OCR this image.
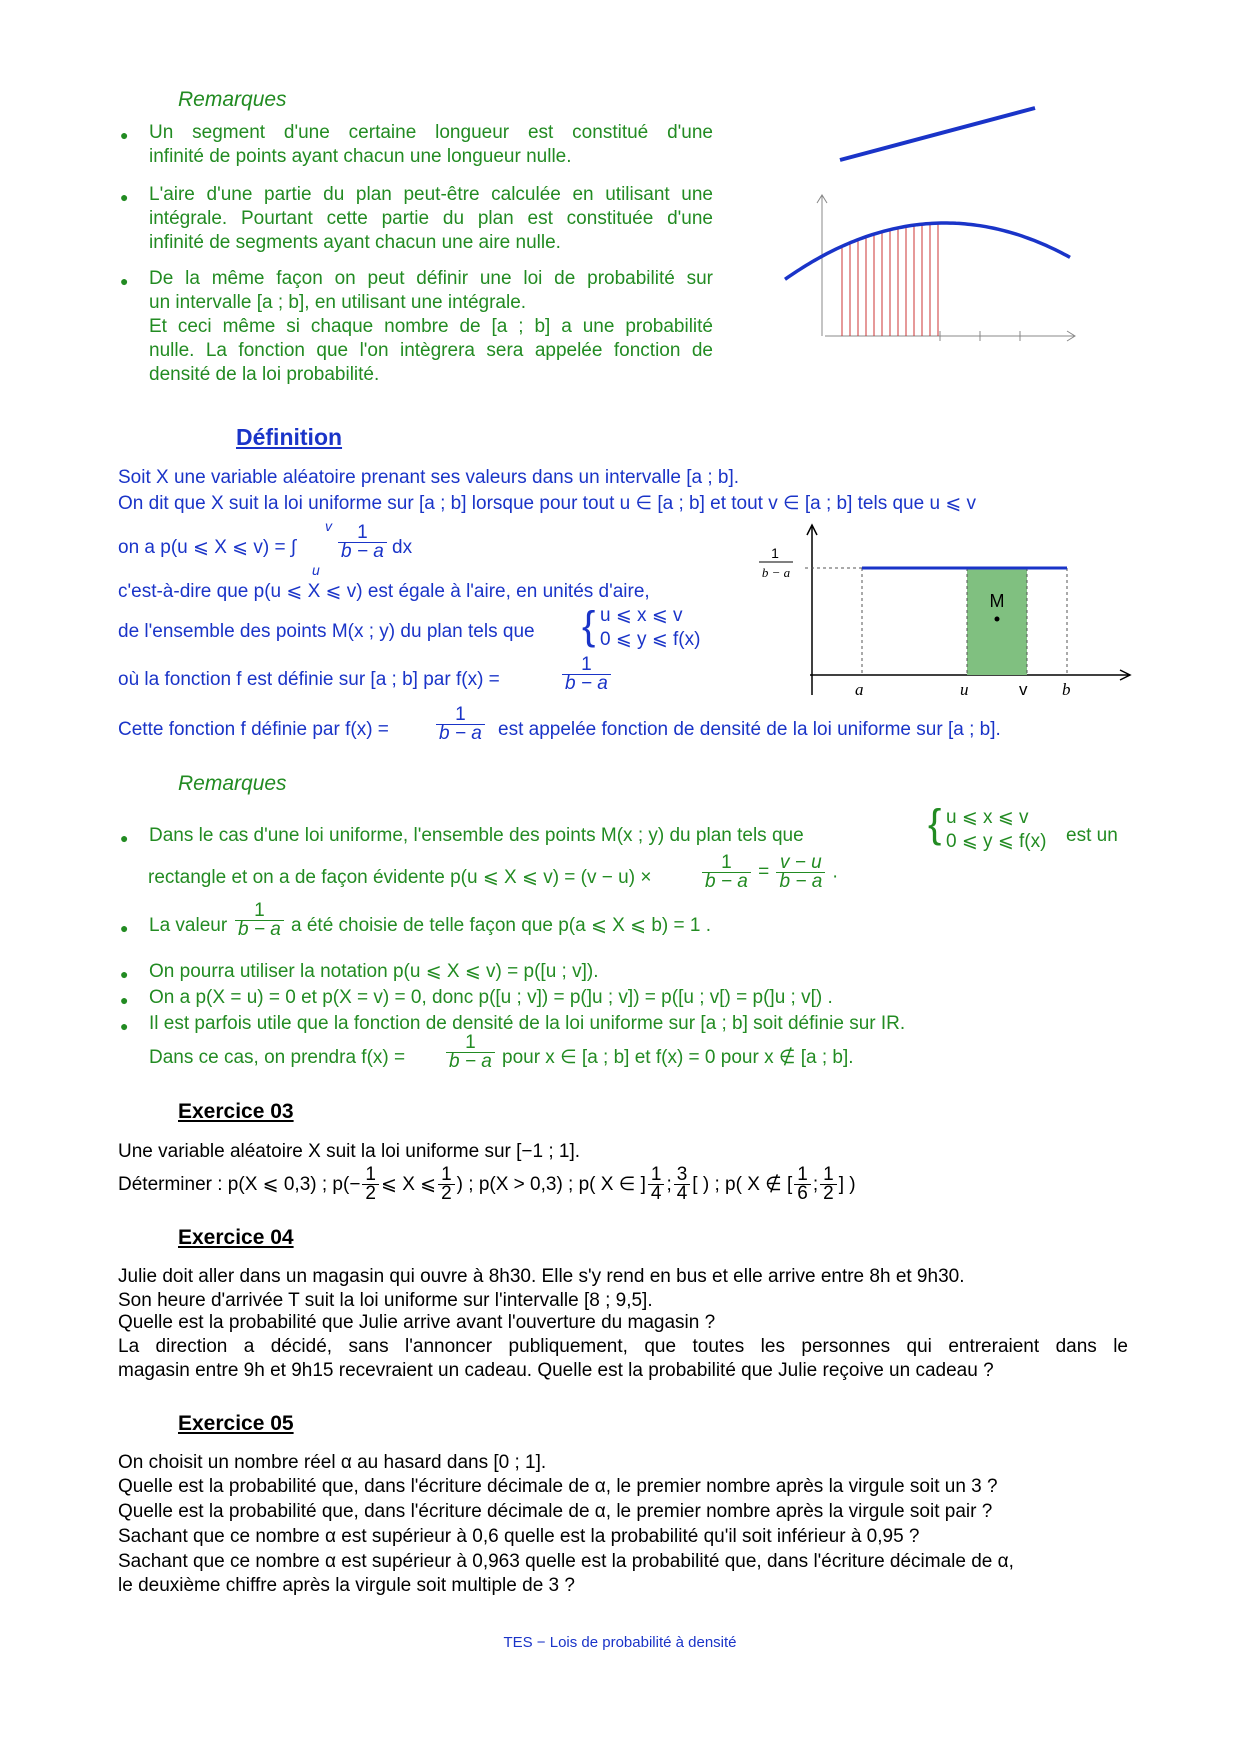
Remarques
● Un segment d'une certaine longueur est constitué d'une
infinité de points ayant chacun une longueur nulle.
● L'aire d'une partie du plan peut-être calculée en utilisant une
intégrale. Pourtant cette partie du plan est constituée d'une
infinité de segments ayant chacun une aire nulle.
● De la même façon on peut définir une loi de probabilité sur
un intervalle [a ; b], en utilisant une intégrale.
Et ceci même si chaque nombre de [a ; b] a une probabilité
nulle. La fonction que l'on intègrera sera appelée fonction de
densité de la loi probabilité.
Définition
Soit X une variable aléatoire prenant ses valeurs dans un intervalle [a ; b].
On dit que X suit la loi uniforme sur [a ; b] lorsque pour tout u ∈ [a ; b] et tout v ∈ [a ; b] tels que u ⩽ v
on a p(u ⩽ X ⩽ v) = ∫
v
u
$\frac{1}{b - a}$ dx
c'est-à-dire que p(u ⩽ X ⩽ v) est égale à l'aire, en unités d'aire,
de l'ensemble des points M(x ; y) du plan tels que { u ⩽ x ⩽ v
0 ⩽ y ⩽ f(x)
où la fonction f est définie sur [a ; b] par f(x) =	$\frac{1}{b - a}$
Cette fonction f définie par $f(x) = \frac{1}{b - a}$ est appelée fonction de densité de la loi uniforme sur [a ; b].
M
1
b − a
a	u	v b
Remarques
● Dans le cas d'une loi uniforme, l'ensemble des points M(x ; y) du plan tels que	{ u ⩽ x ⩽ v
0 ⩽ y ⩽ f(x) est un
rectangle et on a de façon évidente p(u ⩽ X ⩽ v) = (v − u) ×	$\frac{1}{b - a} = \frac{v - u}{b - a}$ .
● La valeur $\frac{1}{b - a}$ a été choisie de telle façon que p(a ⩽ X ⩽ b) = 1 .
● On pourra utiliser la notation p(u ⩽ X ⩽ v) = p([u ; v]).
● On a p(X = u) = 0 et p(X = v) = 0, donc p([u ; v]) = p(]u ; v]) = p([u ; v[) = p(]u ; v[) .
● Il est parfois utile que la fonction de densité de la loi uniforme sur [a ; b] soit définie sur IR.
Dans ce cas, on prendra $f(x) = \frac{1}{b - a}$ pour x ∈ [a ; b] et f(x) = 0 pour x ∉ [a ; b].
Exercice 03
Une variable aléatoire X suit la loi uniforme sur [−1 ; 1].
Déterminer : p(X ⩽ 0,3) ; $p(- \frac{1}{2}$ ⩽ X ⩽ $\frac{1}{2}$ ) ; p(X > 0,3) ; p( X ∈ ] $\frac{1}{4}$ ; $\frac{3}{4}$ [ ) ; p( X ∉ [ $\frac{1}{6}$ ; $\frac{1}{2}$ ] )
Exercice 04
Julie doit aller dans un magasin qui ouvre à 8h30. Elle s'y rend en bus et elle arrive entre 8h et 9h30.
Son heure d'arrivée T suit la loi uniforme sur l'intervalle [8 ; 9,5].
Quelle est la probabilité que Julie arrive avant l'ouverture du magasin ?
La direction a décidé, sans l'annoncer publiquement, que toutes les personnes qui entreraient dans le
magasin entre 9h et 9h15 recevraient un cadeau. Quelle est la probabilité que Julie reçoive un cadeau ?
Exercice 05
On choisit un nombre réel α au hasard dans [0 ; 1].
Quelle est la probabilité que, dans l'écriture décimale de α, le premier nombre après la virgule soit un 3 ?
Quelle est la probabilité que, dans l'écriture décimale de α, le premier nombre après la virgule soit pair ?
Sachant que ce nombre α est supérieur à 0,6 quelle est la probabilité qu'il soit inférieur à 0,95 ?
Sachant que ce nombre α est supérieur à 0,963 quelle est la probabilité que, dans l'écriture décimale de α,
le deuxième chiffre après la virgule soit multiple de 3 ?
TES − Lois de probabilité à densité
